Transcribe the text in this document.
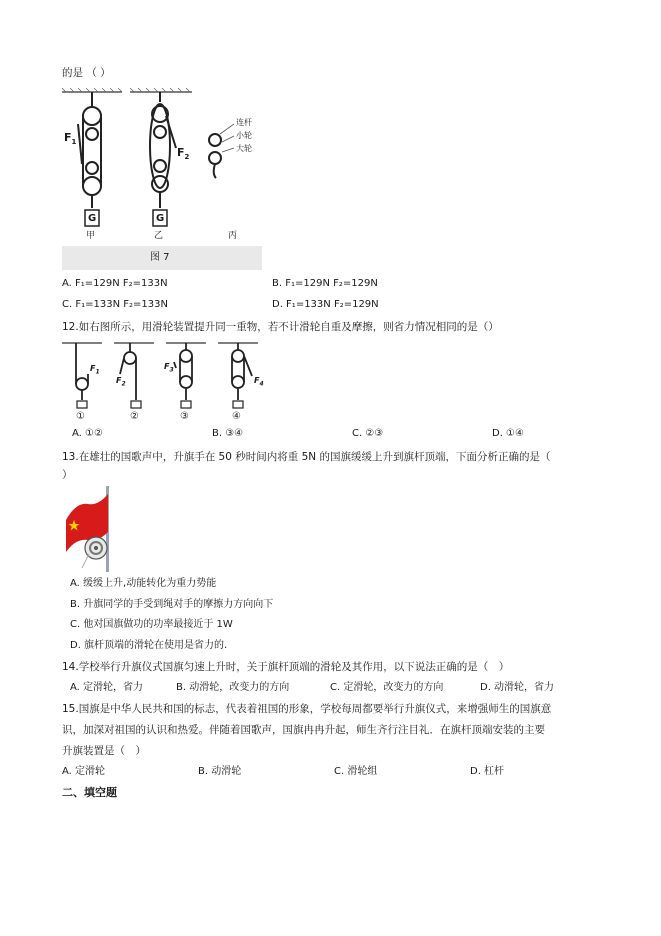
的是 （ ）
$F_1$
$F_2$
G	G
连杆
小轮
大轮
甲	乙	丙
图 7
A. F₁=129N F₂=133N	B. F₁=129N F₂=129N
C. F₁=133N F₂=133N	D. F₁=133N F₂=129N
12.如右图所示，用滑轮装置提升同一重物，若不计滑轮自重及摩擦，则省力情况相同的是（）
$F_1$
$F_2$
$F_3$
$F_4$
①	②	③	④
A. ①②	B. ③④	C. ②③	D. ①④
13.在雄壮的国歌声中，升旗手在 50 秒时间内将重 5N 的国旗缓缓上升到旗杆顶端，下面分析正确的是（
）
A. 缓缓上升,动能转化为重力势能
B. 升旗同学的手受到绳对手的摩擦力方向向下
C. 他对国旗做功的功率最接近于 1W
D. 旗杆顶端的滑轮在使用是省力的.
14.学校举行升旗仪式国旗匀速上升时，关于旗杆顶端的滑轮及其作用，以下说法正确的是（　）
A. 定滑轮，省力	B. 动滑轮，改变力的方向	C. 定滑轮，改变力的方向	D. 动滑轮，省力
15.国旗是中华人民共和国的标志，代表着祖国的形象，学校每周都要举行升旗仪式，来增强师生的国旗意
识，加深对祖国的认识和热爱。伴随着国歌声，国旗冉冉升起，师生齐行注目礼．在旗杆顶端安装的主要
升旗装置是（　）
A. 定滑轮	B. 动滑轮	C. 滑轮组	D. 杠杆
二、填空题
